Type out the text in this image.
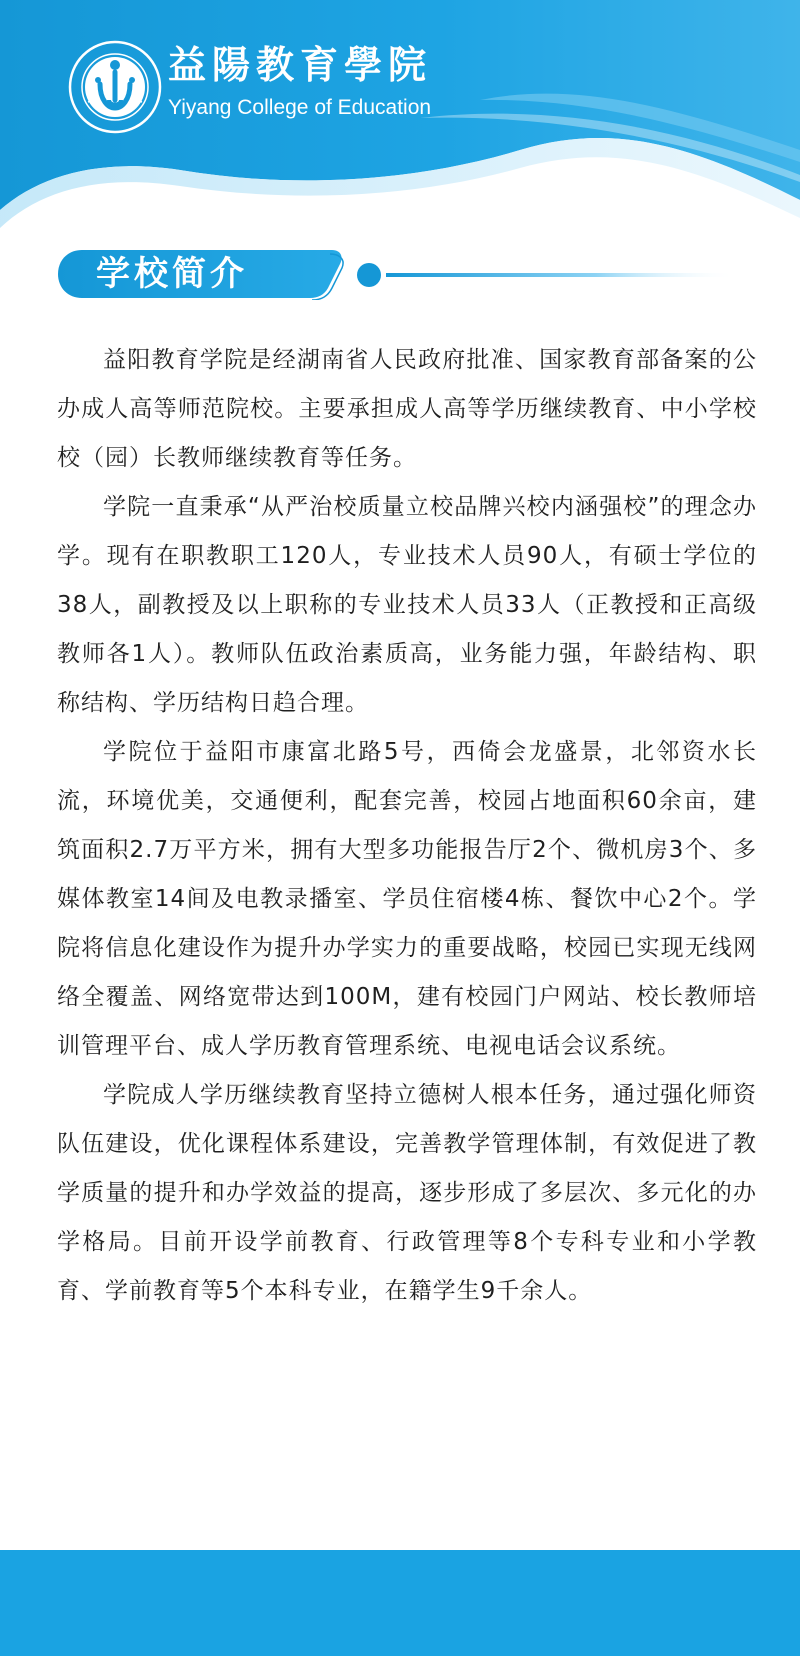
益陽教育學院
Yiyang College of Education
学校简介

益阳教育学院是经湖南省人民政府批准、国家教育部备案的公办成人高等师范院校。主要承担成人高等学历继续教育、中小学校校（园）长教师继续教育等任务。

学院一直秉承“从严治校质量立校品牌兴校内涵强校”的理念办学。现有在职教职工120人，专业技术人员90人，有硕士学位的38人，副教授及以上职称的专业技术人员33人（正教授和正高级教师各1人）。教师队伍政治素质高，业务能力强，年龄结构、职称结构、学历结构日趋合理。

学院位于益阳市康富北路5号，西倚会龙盛景，北邻资水长流，环境优美，交通便利，配套完善，校园占地面积60余亩，建筑面积2.7万平方米，拥有大型多功能报告厅2个、微机房3个、多媒体教室14间及电教录播室、学员住宿楼4栋、餐饮中心2个。学院将信息化建设作为提升办学实力的重要战略，校园已实现无线网络全覆盖、网络宽带达到100M，建有校园门户网站、校长教师培训管理平台、成人学历教育管理系统、电视电话会议系统。

学院成人学历继续教育坚持立德树人根本任务，通过强化师资队伍建设，优化课程体系建设，完善教学管理体制，有效促进了教学质量的提升和办学效益的提高，逐步形成了多层次、多元化的办学格局。目前开设学前教育、行政管理等8个专科专业和小学教育、学前教育等5个本科专业，在籍学生9千余人。
